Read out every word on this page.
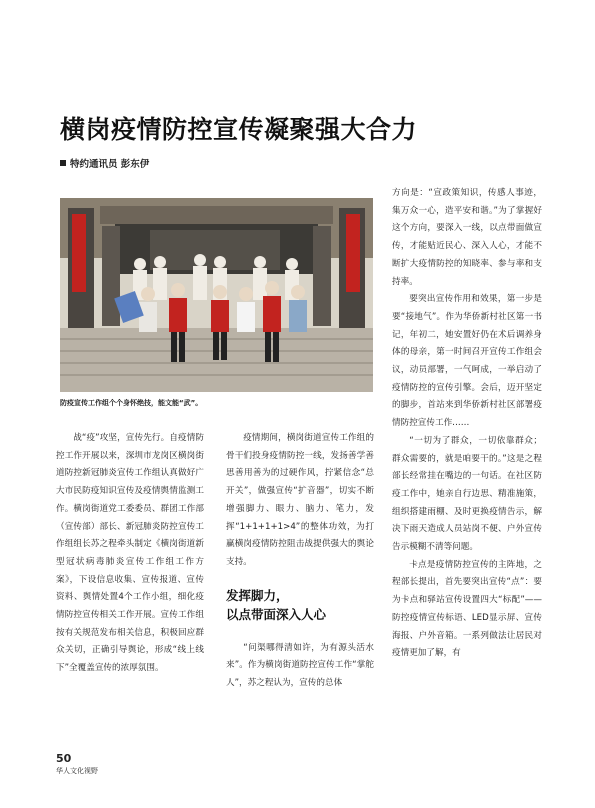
横岗疫情防控宣传凝聚强大合力
特约通讯员 彭东伊
防疫宣传工作组个个身怀绝技，能文能“武”。

战“疫”攻坚，宣传先行。自疫情防控工作开展以来，深圳市龙岗区横岗街道防控新冠肺炎宣传工作组认真做好广大市民防疫知识宣传及疫情舆情监测工作。横岗街道党工委委员、群团工作部（宣传部）部长、新冠肺炎防控宣传工作组组长苏之程牵头制定《横岗街道新型冠状病毒肺炎宣传工作组工作方案》，下设信息收集、宣传报道、宣传资料、舆情处置4个工作小组，细化疫情防控宣传相关工作开展。宣传工作组按有关规范发布相关信息，积极回应群众关切，正确引导舆论，形成“线上线下”全覆盖宣传的浓厚氛围。

疫情期间，横岗街道宣传工作组的骨干们投身疫情防控一线，发扬善学善思善用善为的过硬作风，拧紧信念“总开关”，做强宣传“扩音器”，切实不断增强脚力、眼力、脑力、笔力，发挥“1+1+1+1>4”的整体功效，为打赢横岗疫情防控阻击战提供强大的舆论支持。

发挥脚力，
以点带面深入人心

“问渠哪得清如许，为有源头活水来”。作为横岗街道防控宣传工作“掌舵人”，苏之程认为，宣传的总体

方向是：“宣政策知识，传感人事迹，集万众一心，造平安和谐。”为了掌握好这个方向，要深入一线，以点带面做宣传，才能贴近民心、深入人心，才能不断扩大疫情防控的知晓率、参与率和支持率。

要突出宣传作用和效果，第一步是要“接地气”。作为华侨新村社区第一书记，年初二，她安置好仍在术后调养身体的母亲，第一时间召开宣传工作组会议，动员部署，一气呵成，一举启动了疫情防控的宣传引擎。会后，迈开坚定的脚步，首站来到华侨新村社区部署疫情防控宣传工作……

“一切为了群众，一切依靠群众；群众需要的，就是咱要干的。”这是之程部长经常挂在嘴边的一句话。在社区防疫工作中，她亲自行边思、精准施策，组织搭建雨棚、及时更换疫情告示，解决下雨天造成人员站岗不便、户外宣传告示模糊不清等问题。

卡点是疫情防控宣传的主阵地，之程部长提出，首先要突出宣传“点”：要为卡点和驿站宣传设置四大“标配”——防控疫情宣传标语、LED显示屏、宣传海报、户外音箱。一系列做法让居民对疫情更加了解，有

50
华人文化视野
